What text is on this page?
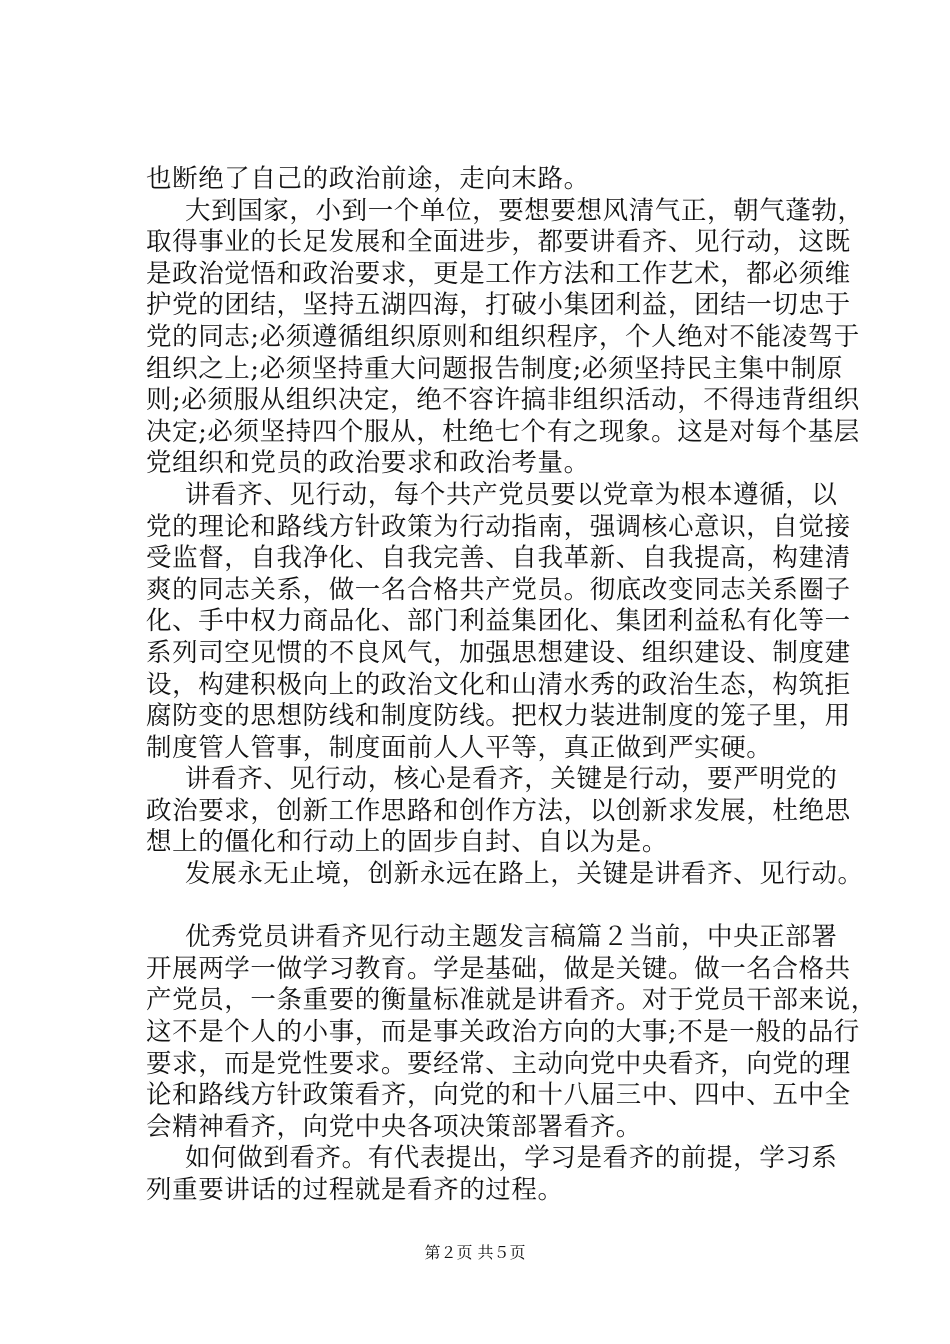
也断绝了自己的政治前途，走向末路。
大到国家，小到一个单位，要想要想风清气正，朝气蓬勃，
取得事业的长足发展和全面进步，都要讲看齐、见行动，这既
是政治觉悟和政治要求，更是工作方法和工作艺术，都必须维
护党的团结，坚持五湖四海，打破小集团利益，团结一切忠于
党的同志;必须遵循组织原则和组织程序，个人绝对不能凌驾于
组织之上;必须坚持重大问题报告制度;必须坚持民主集中制原
则;必须服从组织决定，绝不容许搞非组织活动，不得违背组织
决定;必须坚持四个服从，杜绝七个有之现象。这是对每个基层
党组织和党员的政治要求和政治考量。
讲看齐、见行动，每个共产党员要以党章为根本遵循，以
党的理论和路线方针政策为行动指南，强调核心意识，自觉接
受监督，自我净化、自我完善、自我革新、自我提高，构建清
爽的同志关系，做一名合格共产党员。彻底改变同志关系圈子
化、手中权力商品化、部门利益集团化、集团利益私有化等一
系列司空见惯的不良风气，加强思想建设、组织建设、制度建
设，构建积极向上的政治文化和山清水秀的政治生态，构筑拒
腐防变的思想防线和制度防线。把权力装进制度的笼子里，用
制度管人管事，制度面前人人平等，真正做到严实硬。
讲看齐、见行动，核心是看齐，关键是行动，要严明党的
政治要求，创新工作思路和创作方法，以创新求发展，杜绝思
想上的僵化和行动上的固步自封、自以为是。
发展永无止境，创新永远在路上，关键是讲看齐、见行动。
优秀党员讲看齐见行动主题发言稿篇２当前，中央正部署
开展两学一做学习教育。学是基础，做是关键。做一名合格共
产党员，一条重要的衡量标准就是讲看齐。对于党员干部来说，
这不是个人的小事，而是事关政治方向的大事;不是一般的品行
要求，而是党性要求。要经常、主动向党中央看齐，向党的理
论和路线方针政策看齐，向党的和十八届三中、四中、五中全
会精神看齐，向党中央各项决策部署看齐。
如何做到看齐。有代表提出，学习是看齐的前提，学习系
列重要讲话的过程就是看齐的过程。
第２页 共５页
